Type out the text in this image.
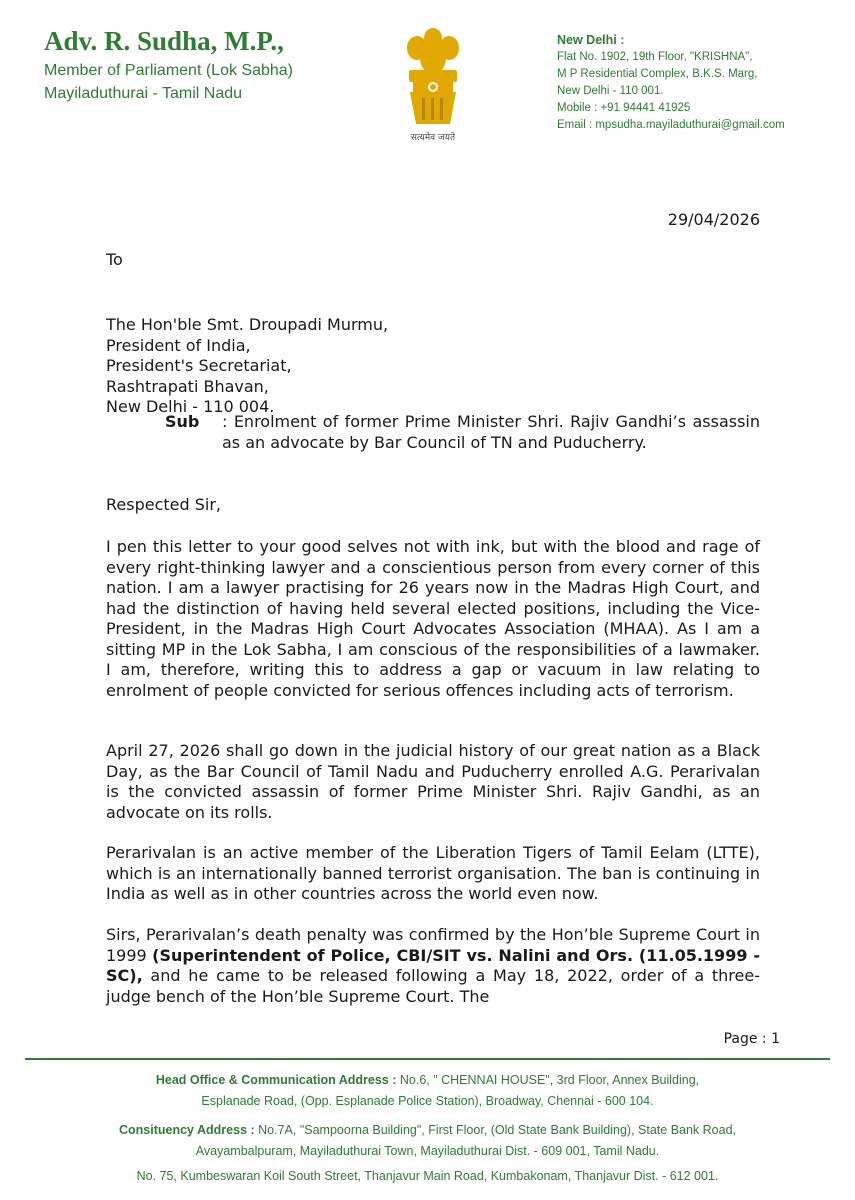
Adv. R. Sudha, M.P.,
Member of Parliament (Lok Sabha)
Mayiladuthurai - Tamil Nadu
सत्यमेव जयते
New Delhi :
Flat No. 1902, 19th Floor, "KRISHNA",
M P Residential Complex, B.K.S. Marg,
New Delhi - 110 001.
Mobile : +91 94441 41925
Email : mpsudha.mayiladuthurai@gmail.com
29/04/2026
To
The Hon'ble Smt. Droupadi Murmu,
President of India,
President's Secretariat,
Rashtrapati Bhavan,
New Delhi - 110 004.
Sub : Enrolment of former Prime Minister Shri. Rajiv Gandhi’s assassin as an advocate by Bar Council of TN and Puducherry.
Respected Sir,
I pen this letter to your good selves not with ink, but with the blood and rage of every right-thinking lawyer and a conscientious person from every corner of this nation. I am a lawyer practising for 26 years now in the Madras High Court, and had the distinction of having held several elected positions, including the Vice-President, in the Madras High Court Advocates Association (MHAA). As I am a sitting MP in the Lok Sabha, I am conscious of the responsibilities of a lawmaker. I am, therefore, writing this to address a gap or vacuum in law relating to enrolment of people convicted for serious offences including acts of terrorism.
April 27, 2026 shall go down in the judicial history of our great nation as a Black Day, as the Bar Council of Tamil Nadu and Puducherry enrolled A.G. Perarivalan is the convicted assassin of former Prime Minister Shri. Rajiv Gandhi, as an advocate on its rolls.
Perarivalan is an active member of the Liberation Tigers of Tamil Eelam (LTTE), which is an internationally banned terrorist organisation. The ban is continuing in India as well as in other countries across the world even now.
Sirs, Perarivalan’s death penalty was confirmed by the Hon’ble Supreme Court in 1999 (Superintendent of Police, CBI/SIT vs. Nalini and Ors. (11.05.1999 - SC), and he came to be released following a May 18, 2022, order of a three-judge bench of the Hon’ble Supreme Court. The
Page : 1
Head Office & Communication Address : No.6, " CHENNAI HOUSE", 3rd Floor, Annex Building,
Esplanade Road, (Opp. Esplanade Police Station), Broadway, Chennai - 600 104.
Consituency Address : No.7A, "Sampoorna Building", First Floor, (Old State Bank Building), State Bank Road,
Avayambalpuram, Mayiladuthurai Town, Mayiladuthurai Dist. - 609 001, Tamil Nadu.
No. 75, Kumbeswaran Koil South Street, Thanjavur Main Road, Kumbakonam, Thanjavur Dist. - 612 001.
